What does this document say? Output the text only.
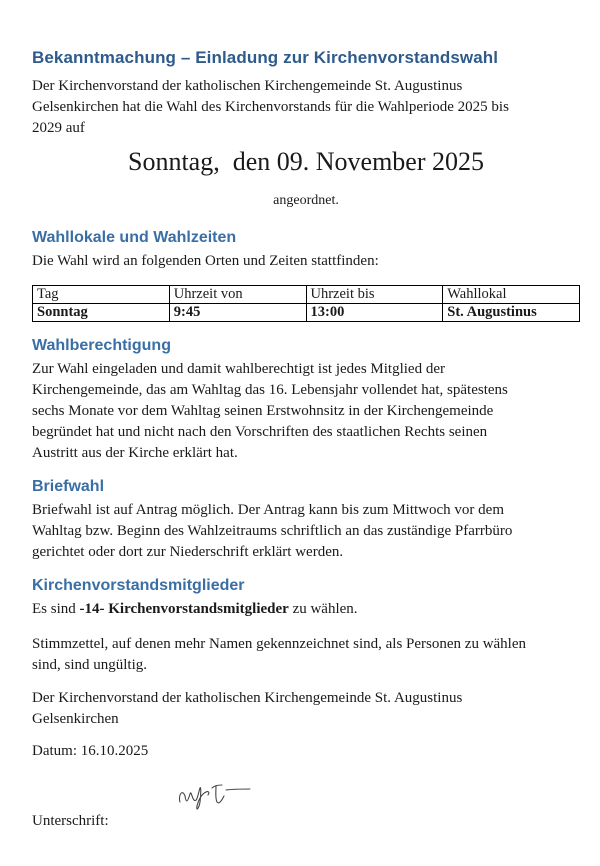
Bekanntmachung – Einladung zur Kirchenvorstandswahl
Der Kirchenvorstand der katholischen Kirchengemeinde St. Augustinus
Gelsenkirchen hat die Wahl des Kirchenvorstands für die Wahlperiode 2025 bis
2029 auf
Sonntag,  den 09. November 2025
angeordnet.
Wahllokale und Wahlzeiten
Die Wahl wird an folgenden Orten und Zeiten stattfinden:
Tag	Uhrzeit von	Uhrzeit bis	Wahllokal
Sonntag	9:45	13:00	St. Augustinus
Wahlberechtigung
Zur Wahl eingeladen und damit wahlberechtigt ist jedes Mitglied der
Kirchengemeinde, das am Wahltag das 16. Lebensjahr vollendet hat, spätestens
sechs Monate vor dem Wahltag seinen Erstwohnsitz in der Kirchengemeinde
begründet hat und nicht nach den Vorschriften des staatlichen Rechts seinen
Austritt aus der Kirche erklärt hat.
Briefwahl
Briefwahl ist auf Antrag möglich. Der Antrag kann bis zum Mittwoch vor dem
Wahltag bzw. Beginn des Wahlzeitraums schriftlich an das zuständige Pfarrbüro
gerichtet oder dort zur Niederschrift erklärt werden.
Kirchenvorstandsmitglieder
Es sind -14- Kirchenvorstandsmitglieder zu wählen.
Stimmzettel, auf denen mehr Namen gekennzeichnet sind, als Personen zu wählen
sind, sind ungültig.
Der Kirchenvorstand der katholischen Kirchengemeinde St. Augustinus
Gelsenkirchen
Datum: 16.10.2025
Unterschrift:
